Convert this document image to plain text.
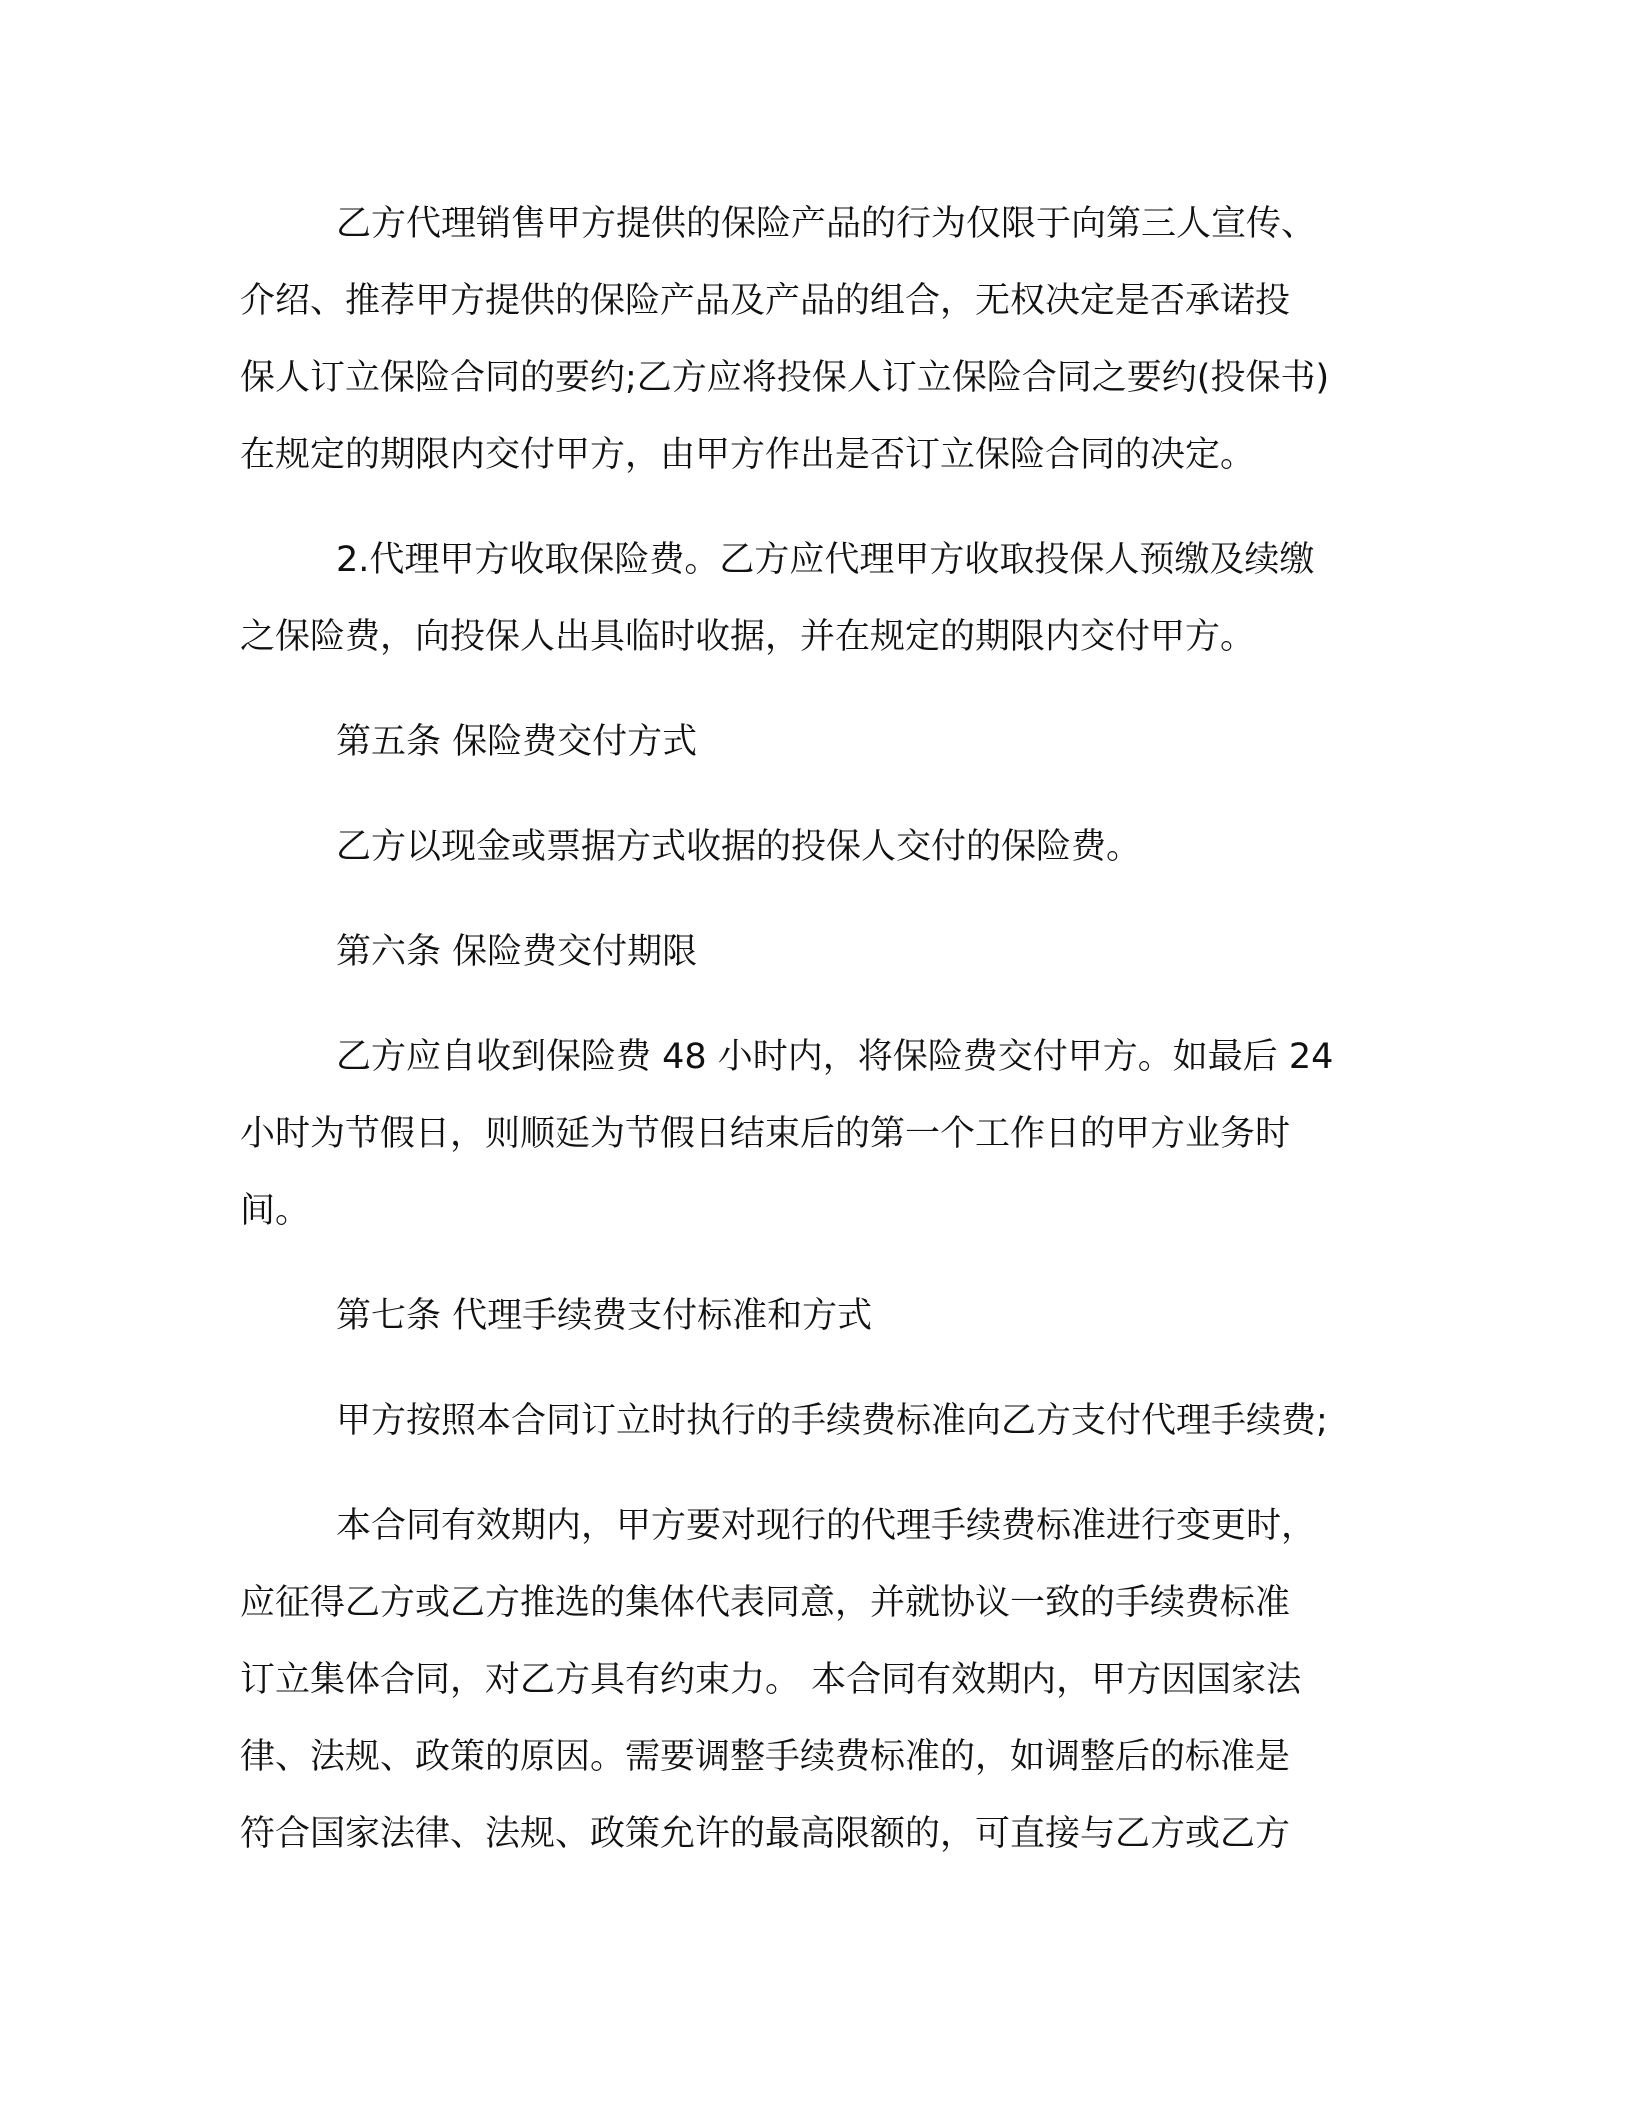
乙方代理销售甲方提供的保险产品的行为仅限于向第三人宣传、
介绍、推荐甲方提供的保险产品及产品的组合，无权决定是否承诺投
保人订立保险合同的要约;乙方应将投保人订立保险合同之要约(投保书)
在规定的期限内交付甲方，由甲方作出是否订立保险合同的决定。

2.代理甲方收取保险费。乙方应代理甲方收取投保人预缴及续缴
之保险费，向投保人出具临时收据，并在规定的期限内交付甲方。

第五条 保险费交付方式

乙方以现金或票据方式收据的投保人交付的保险费。

第六条 保险费交付期限

乙方应自收到保险费 48 小时内，将保险费交付甲方。如最后 24
小时为节假日，则顺延为节假日结束后的第一个工作日的甲方业务时
间。

第七条 代理手续费支付标准和方式

甲方按照本合同订立时执行的手续费标准向乙方支付代理手续费;

本合同有效期内，甲方要对现行的代理手续费标准进行变更时，
应征得乙方或乙方推选的集体代表同意，并就协议一致的手续费标准
订立集体合同，对乙方具有约束力。 本合同有效期内，甲方因国家法
律、法规、政策的原因。需要调整手续费标准的，如调整后的标准是
符合国家法律、法规、政策允许的最高限额的，可直接与乙方或乙方
